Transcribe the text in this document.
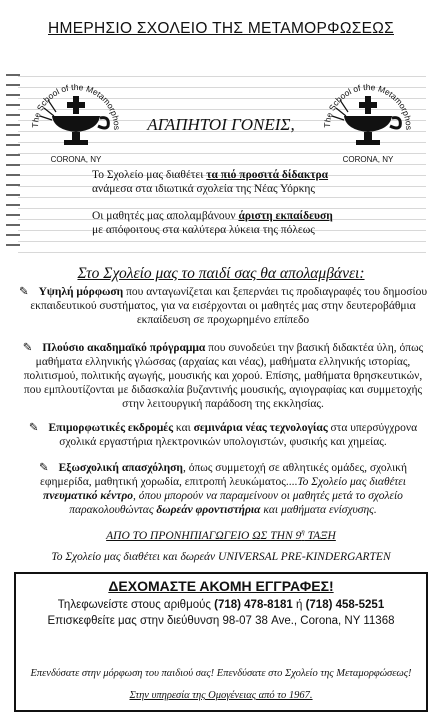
ΗΜΕΡΗΣΙΟ ΣΧΟΛΕΙΟ ΤΗΣ ΜΕΤΑΜΟΡΦΩΣΕΩΣ
The School of the Metamorphos
CORONA, NY
The School of the Metamorphos
CORONA, NY
ΑΓΑΠΗΤΟΙ ΓΟΝΕΙΣ,
Το Σχολείο μας διαθέτει τα πιό προσιτά δίδακτρα
ανάμεσα στα ιδιωτικά σχολεία της Νέας Υόρκης
Οι μαθητές μας απολαμβάνουν άριστη εκπαίδευση
με απόφοιτους στα καλύτερα λύκεια της πόλεως
Στο Σχολείο μας το παιδί σας θα απολαμβάνει:
✎ Υψηλή μόρφωση που ανταγωνίζεται και ξεπερνάει τις προδιαγραφές του δημοσίου εκπαιδευτικού συστήματος, για να εισέρχονται οι μαθητές μας στην δευτεροβάθμια εκπαίδευση σε προχωρημένο επίπεδο
✎ Πλούσιο ακαδημαϊκό πρόγραμμα που συνοδεύει την βασική διδακτέα ύλη, όπως μαθήματα ελληνικής γλώσσας (αρχαίας και νέας), μαθήματα ελληνικής ιστορίας, πολιτισμού, πολιτικής αγωγής, μουσικής και χορού. Επίσης, μαθήματα θρησκευτικών, που εμπλουτίζονται με διδασκαλία βυζαντινής μουσικής, αγιογραφίας και συμμετοχής στην λειτουργική παράδοση της εκκλησίας.
✎ Επιμορφωτικές εκδρομές και σεμινάρια νέας τεχνολογίας στα υπερσύγχρονα σχολικά εργαστήρια ηλεκτρονικών υπολογιστών, φυσικής και χημείας.
✎ Εξωσχολική απασχόληση, όπως συμμετοχή σε αθλητικές ομάδες, σχολική εφημερίδα, μαθητική χορωδία, επιτροπή λευκώματος....Το Σχολείο μας διαθέτει πνευματικό κέντρο, όπου μπορούν να παραμείνουν οι μαθητές μετά το σχολείο παρακολουθώντας δωρεάν φροντιστήρια και μαθήματα ενίσχυσης.
ΑΠΟ ΤΟ ΠΡΟΝΗΠΙΑΓΩΓΕΙΟ ΩΣ ΤΗΝ $9^\eta$ ΤΑΞΗ
Το Σχολείο μας διαθέτει και δωρεάν UNIVERSAL PRE-KINDERGARTEN
ΔΕΧΟΜΑΣΤΕ ΑΚΟΜΗ ΕΓΓΡΑΦΕΣ!
Τηλεφωνείστε στους αριθμούς (718) 478-8181 ή (718) 458-5251
Επισκεφθείτε μας στην διεύθυνση 98-07 38 Ave., Corona, NY 11368
Επενδύσατε στην μόρφωση του παιδιού σας! Επενδύσατε στο Σχολείο της Μεταμορφώσεως!
Στην υπηρεσία της Ομογένειας από το 1967.
